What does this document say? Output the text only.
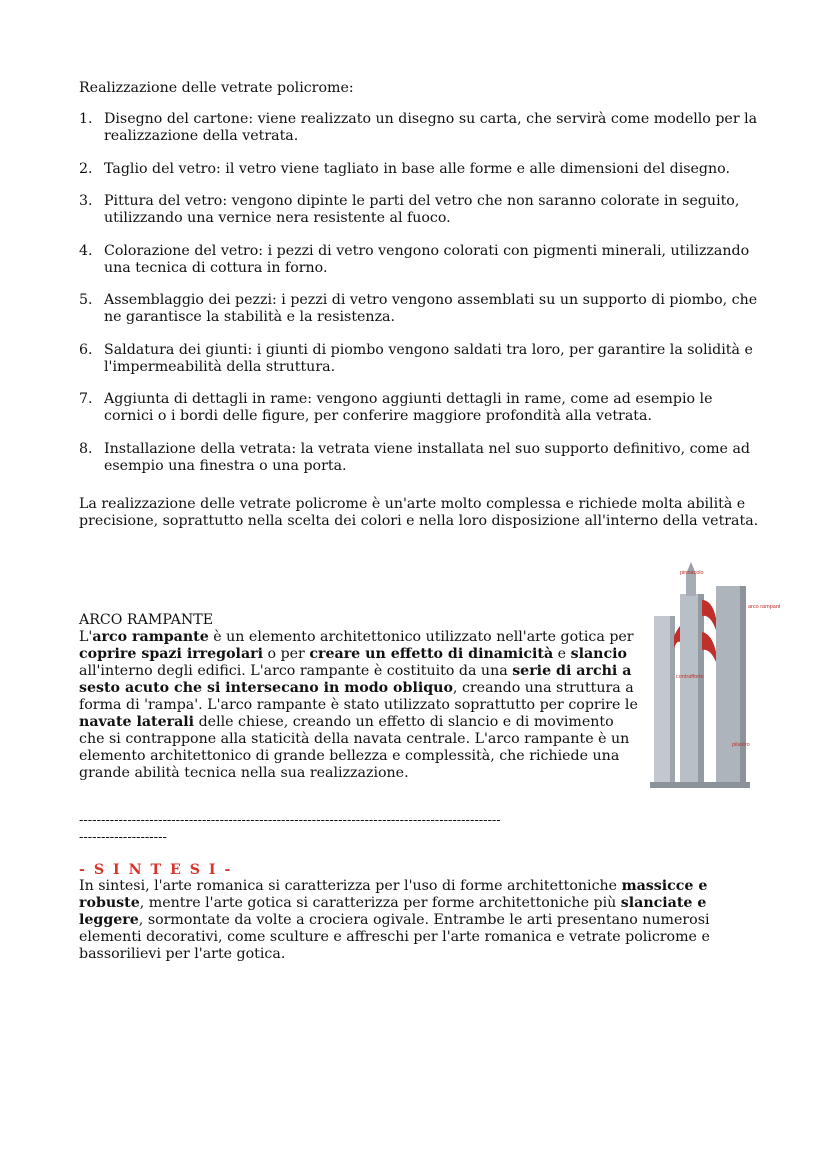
Realizzazione delle vetrate policrome:
1. Disegno del cartone: viene realizzato un disegno su carta, che servirà come modello per la realizzazione della vetrata.
2. Taglio del vetro: il vetro viene tagliato in base alle forme e alle dimensioni del disegno.
3. Pittura del vetro: vengono dipinte le parti del vetro che non saranno colorate in seguito, utilizzando una vernice nera resistente al fuoco.
4. Colorazione del vetro: i pezzi di vetro vengono colorati con pigmenti minerali, utilizzando una tecnica di cottura in forno.
5. Assemblaggio dei pezzi: i pezzi di vetro vengono assemblati su un supporto di piombo, che ne garantisce la stabilità e la resistenza.
6. Saldatura dei giunti: i giunti di piombo vengono saldati tra loro, per garantire la solidità e l'impermeabilità della struttura.
7. Aggiunta di dettagli in rame: vengono aggiunti dettagli in rame, come ad esempio le cornici o i bordi delle figure, per conferire maggiore profondità alla vetrata.
8. Installazione della vetrata: la vetrata viene installata nel suo supporto definitivo, come ad esempio una finestra o una porta.
La realizzazione delle vetrate policrome è un'arte molto complessa e richiede molta abilità e precisione, soprattutto nella scelta dei colori e nella loro disposizione all'interno della vetrata.
ARCO RAMPANTE
L'arco rampante è un elemento architettonico utilizzato nell'arte gotica per coprire spazi irregolari o per creare un effetto di dinamicità e slancio all'interno degli edifici. L'arco rampante è costituito da una serie di archi a sesto acuto che si intersecano in modo obliquo, creando una struttura a forma di 'rampa'. L'arco rampante è stato utilizzato soprattutto per coprire le navate laterali delle chiese, creando un effetto di slancio e di movimento che si contrappone alla staticità della navata centrale. L'arco rampante è un elemento architettonico di grande bellezza e complessità, che richiede una grande abilità tecnica nella sua realizzazione.
pinnacolo
arco rampante
contrafforte
pilastro
------------------------------------------------------------------------------------------------
--------------------
- S I N T E S I -
In sintesi, l'arte romanica si caratterizza per l'uso di forme architettoniche massicce e robuste, mentre l'arte gotica si caratterizza per forme architettoniche più slanciate e leggere, sormontate da volte a crociera ogivale. Entrambe le arti presentano numerosi elementi decorativi, come sculture e affreschi per l'arte romanica e vetrate policrome e bassorilievi per l'arte gotica.
